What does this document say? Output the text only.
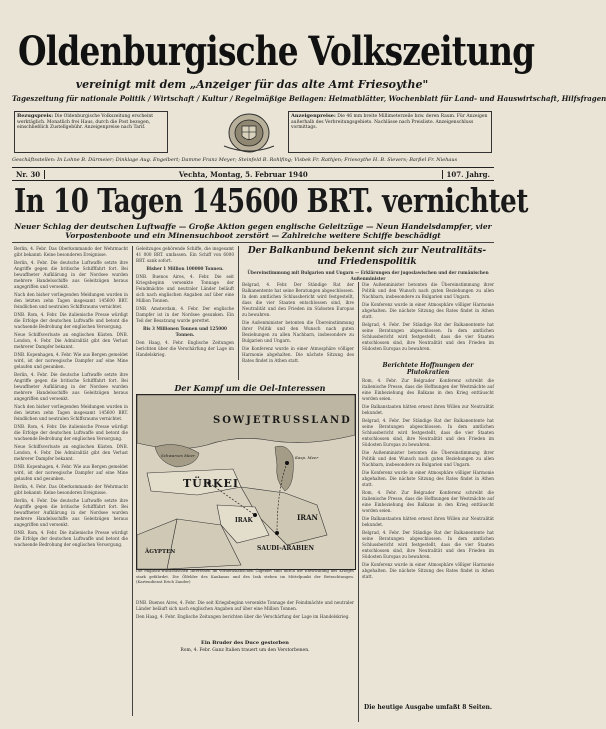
Oldenburgische Volkszeitung
vereinigt mit dem „Anzeiger für das alte Amt Friesoythe"
Tageszeitung für nationale Politik / Wirtschaft / Kultur / Regelmäßige Beilagen: Heimatblätter, Wochenblatt für Land- und Hauswirtschaft, Hilfsfragen
Bezugspreis: Die Oldenburgische Volkszeitung erscheint werktäglich. Monatlich frei Haus, durch die Post bezogen, einschließlich Zustellgebühr. Anzeigenpreise nach Tarif.
Anzeigenpreise: Die 46 mm breite Millimeterzeile bzw. deren Raum. Für Anzeigen außerhalb des Verbreitungsgebiets. Nachlässe nach Preisliste. Anzeigenschluss vormittags.
Geschäftsstellen: In Lohne B. Dürmeier; Dinklage Aug. Engelbert; Damme Franz Meyer; Steinfeld B. Rohlfing; Visbek Fr. Rathjen; Friesoythe H. B. Sievers; Barßel Fr. Niehaus
Nr. 30	Vechta, Montag, 5. Februar 1940	107. Jahrg.
In 10 Tagen 145600 BRT. vernichtet
Neuer Schlag der deutschen Luftwaffe — Große Aktion gegen englische Geleitzüge — Neun Handelsdampfer, vier Vorpostenboote und ein Minensuchboot zerstört — Zahlreiche weitere Schiffe beschädigt

Berlin, 4. Febr. Das Oberkommando der Wehrmacht gibt bekannt: Keine besonderen Ereignisse.

Berlin, 4. Febr. Die deutsche Luftwaffe setzte ihre Angriffe gegen die britische Schifffahrt fort. Bei bewaffneter Aufklärung in der Nordsee wurden mehrere Handelsschiffe aus Geleitzügen heraus angegriffen und versenkt.

Nach den bisher vorliegenden Meldungen wurden in den letzten zehn Tagen insgesamt 145600 BRT. feindlichen und neutralen Schiffsraums vernichtet.

DNB. Rom, 4. Febr. Die italienische Presse würdigt die Erfolge der deutschen Luftwaffe und betont die wachsende Bedrohung der englischen Versorgung.

Neue Schiffsverluste an englischen Küsten. DNB. London, 4. Febr. Die Admiralität gibt den Verlust mehrerer Dampfer bekannt.

DNB. Kopenhagen, 4. Febr. Wie aus Bergen gemeldet wird, ist der norwegische Dampfer auf eine Mine gelaufen und gesunken.

Berlin, 4. Febr. Die deutsche Luftwaffe setzte ihre Angriffe gegen die britische Schifffahrt fort. Bei bewaffneter Aufklärung in der Nordsee wurden mehrere Handelsschiffe aus Geleitzügen heraus angegriffen und versenkt.

Nach den bisher vorliegenden Meldungen wurden in den letzten zehn Tagen insgesamt 145600 BRT. feindlichen und neutralen Schiffsraums vernichtet.

DNB. Rom, 4. Febr. Die italienische Presse würdigt die Erfolge der deutschen Luftwaffe und betont die wachsende Bedrohung der englischen Versorgung.

Neue Schiffsverluste an englischen Küsten. DNB. London, 4. Febr. Die Admiralität gibt den Verlust mehrerer Dampfer bekannt.

DNB. Kopenhagen, 4. Febr. Wie aus Bergen gemeldet wird, ist der norwegische Dampfer auf eine Mine gelaufen und gesunken.

Berlin, 4. Febr. Das Oberkommando der Wehrmacht gibt bekannt: Keine besonderen Ereignisse.

Berlin, 4. Febr. Die deutsche Luftwaffe setzte ihre Angriffe gegen die britische Schifffahrt fort. Bei bewaffneter Aufklärung in der Nordsee wurden mehrere Handelsschiffe aus Geleitzügen heraus angegriffen und versenkt.

DNB. Rom, 4. Febr. Die italienische Presse würdigt die Erfolge der deutschen Luftwaffe und betont die wachsende Bedrohung der englischen Versorgung.

Geleitzuges gehörende Schiffe, die insgesamt 41 000 BRT. umfassen. Ein Schiff von 6000 BRT. sank sofort.

Bisher 1 Million 100000 Tonnen.

DNB. Buenos Aires, 4. Febr. Die seit Kriegsbeginn versenkte Tonnage der Feindmächte und neutraler Länder beläuft sich nach englischen Angaben auf über eine Million Tonnen.

DNB. Amsterdam, 4. Febr. Der englische Dampfer ist in der Nordsee gesunken. Ein Teil der Besatzung wurde gerettet.

Bis 3 Millionen Tonnen und 125000 Tonnen.

Den Haag, 4. Febr. Englische Zeitungen berichten über die Verschärfung der Lage im Handelskrieg.

Der Balkanbund bekennt sich zur Neutralitäts- und Friedenspolitik
Übereinstimmung mit Bulgarien und Ungarn — Erklärungen der jugoslawischen und der rumänischen Außenminister

Belgrad, 4. Febr. Der Ständige Rat der Balkanentente hat seine Beratungen abgeschlossen. In dem amtlichen Schlussbericht wird festgestellt, dass die vier Staaten entschlossen sind, ihre Neutralität und den Frieden im Südosten Europas zu bewahren.

Die Außenminister betonten die Übereinstimmung ihrer Politik und den Wunsch nach guten Beziehungen zu allen Nachbarn, insbesondere zu Bulgarien und Ungarn.

Die Konferenz wurde in einer Atmosphäre völliger Harmonie abgehalten. Die nächste Sitzung des Rates findet in Athen statt.

Die Außenminister betonten die Übereinstimmung ihrer Politik und den Wunsch nach guten Beziehungen zu allen Nachbarn, insbesondere zu Bulgarien und Ungarn.

Die Konferenz wurde in einer Atmosphäre völliger Harmonie abgehalten. Die nächste Sitzung des Rates findet in Athen statt.

Belgrad, 4. Febr. Der Ständige Rat der Balkanentente hat seine Beratungen abgeschlossen. In dem amtlichen Schlussbericht wird festgestellt, dass die vier Staaten entschlossen sind, ihre Neutralität und den Frieden im Südosten Europas zu bewahren.

Berichtete Hoffnungen der Plutokratien

Rom, 4. Febr. Zur Belgrader Konferenz schreibt die italienische Presse, dass die Hoffnungen der Westmächte auf eine Einbeziehung des Balkans in den Krieg enttäuscht worden seien.

Die Balkanstaaten hätten erneut ihren Willen zur Neutralität bekundet.

Belgrad, 4. Febr. Der Ständige Rat der Balkanentente hat seine Beratungen abgeschlossen. In dem amtlichen Schlussbericht wird festgestellt, dass die vier Staaten entschlossen sind, ihre Neutralität und den Frieden im Südosten Europas zu bewahren.

Die Außenminister betonten die Übereinstimmung ihrer Politik und den Wunsch nach guten Beziehungen zu allen Nachbarn, insbesondere zu Bulgarien und Ungarn.

Die Konferenz wurde in einer Atmosphäre völliger Harmonie abgehalten. Die nächste Sitzung des Rates findet in Athen statt.

Rom, 4. Febr. Zur Belgrader Konferenz schreibt die italienische Presse, dass die Hoffnungen der Westmächte auf eine Einbeziehung des Balkans in den Krieg enttäuscht worden seien.

Die Balkanstaaten hätten erneut ihren Willen zur Neutralität bekundet.

Belgrad, 4. Febr. Der Ständige Rat der Balkanentente hat seine Beratungen abgeschlossen. In dem amtlichen Schlussbericht wird festgestellt, dass die vier Staaten entschlossen sind, ihre Neutralität und den Frieden im Südosten Europas zu bewahren.

Die Konferenz wurde in einer Atmosphäre völliger Harmonie abgehalten. Die nächste Sitzung des Rates findet in Athen statt.

Der Kampf um die Oel-Interessen
SOWJETRUSSLAND
TÜRKEI
IRAN
IRAK
SAUDI-ARABIEN
ÄGYPTEN
Schwarzes Meer	Kasp. Meer
Die englisch-französischen Interessen im vorderasiatischen Ölgebiet sind durch die Entwicklung des Krieges stark gefährdet. Die Ölfelder des Kaukasus und des Irak stehen im Mittelpunkt der Betrachtungen. (Kartendienst Erich Zander)

DNB. Buenos Aires, 4. Febr. Die seit Kriegsbeginn versenkte Tonnage der Feindmächte und neutraler Länder beläuft sich nach englischen Angaben auf über eine Million Tonnen.

Den Haag, 4. Febr. Englische Zeitungen berichten über die Verschärfung der Lage im Handelskrieg.

Ein Bruder des Duce gestorben
Rom, 4. Febr. Ganz Italien trauert um den Verstorbenen.
Die heutige Ausgabe umfaßt 8 Seiten.
